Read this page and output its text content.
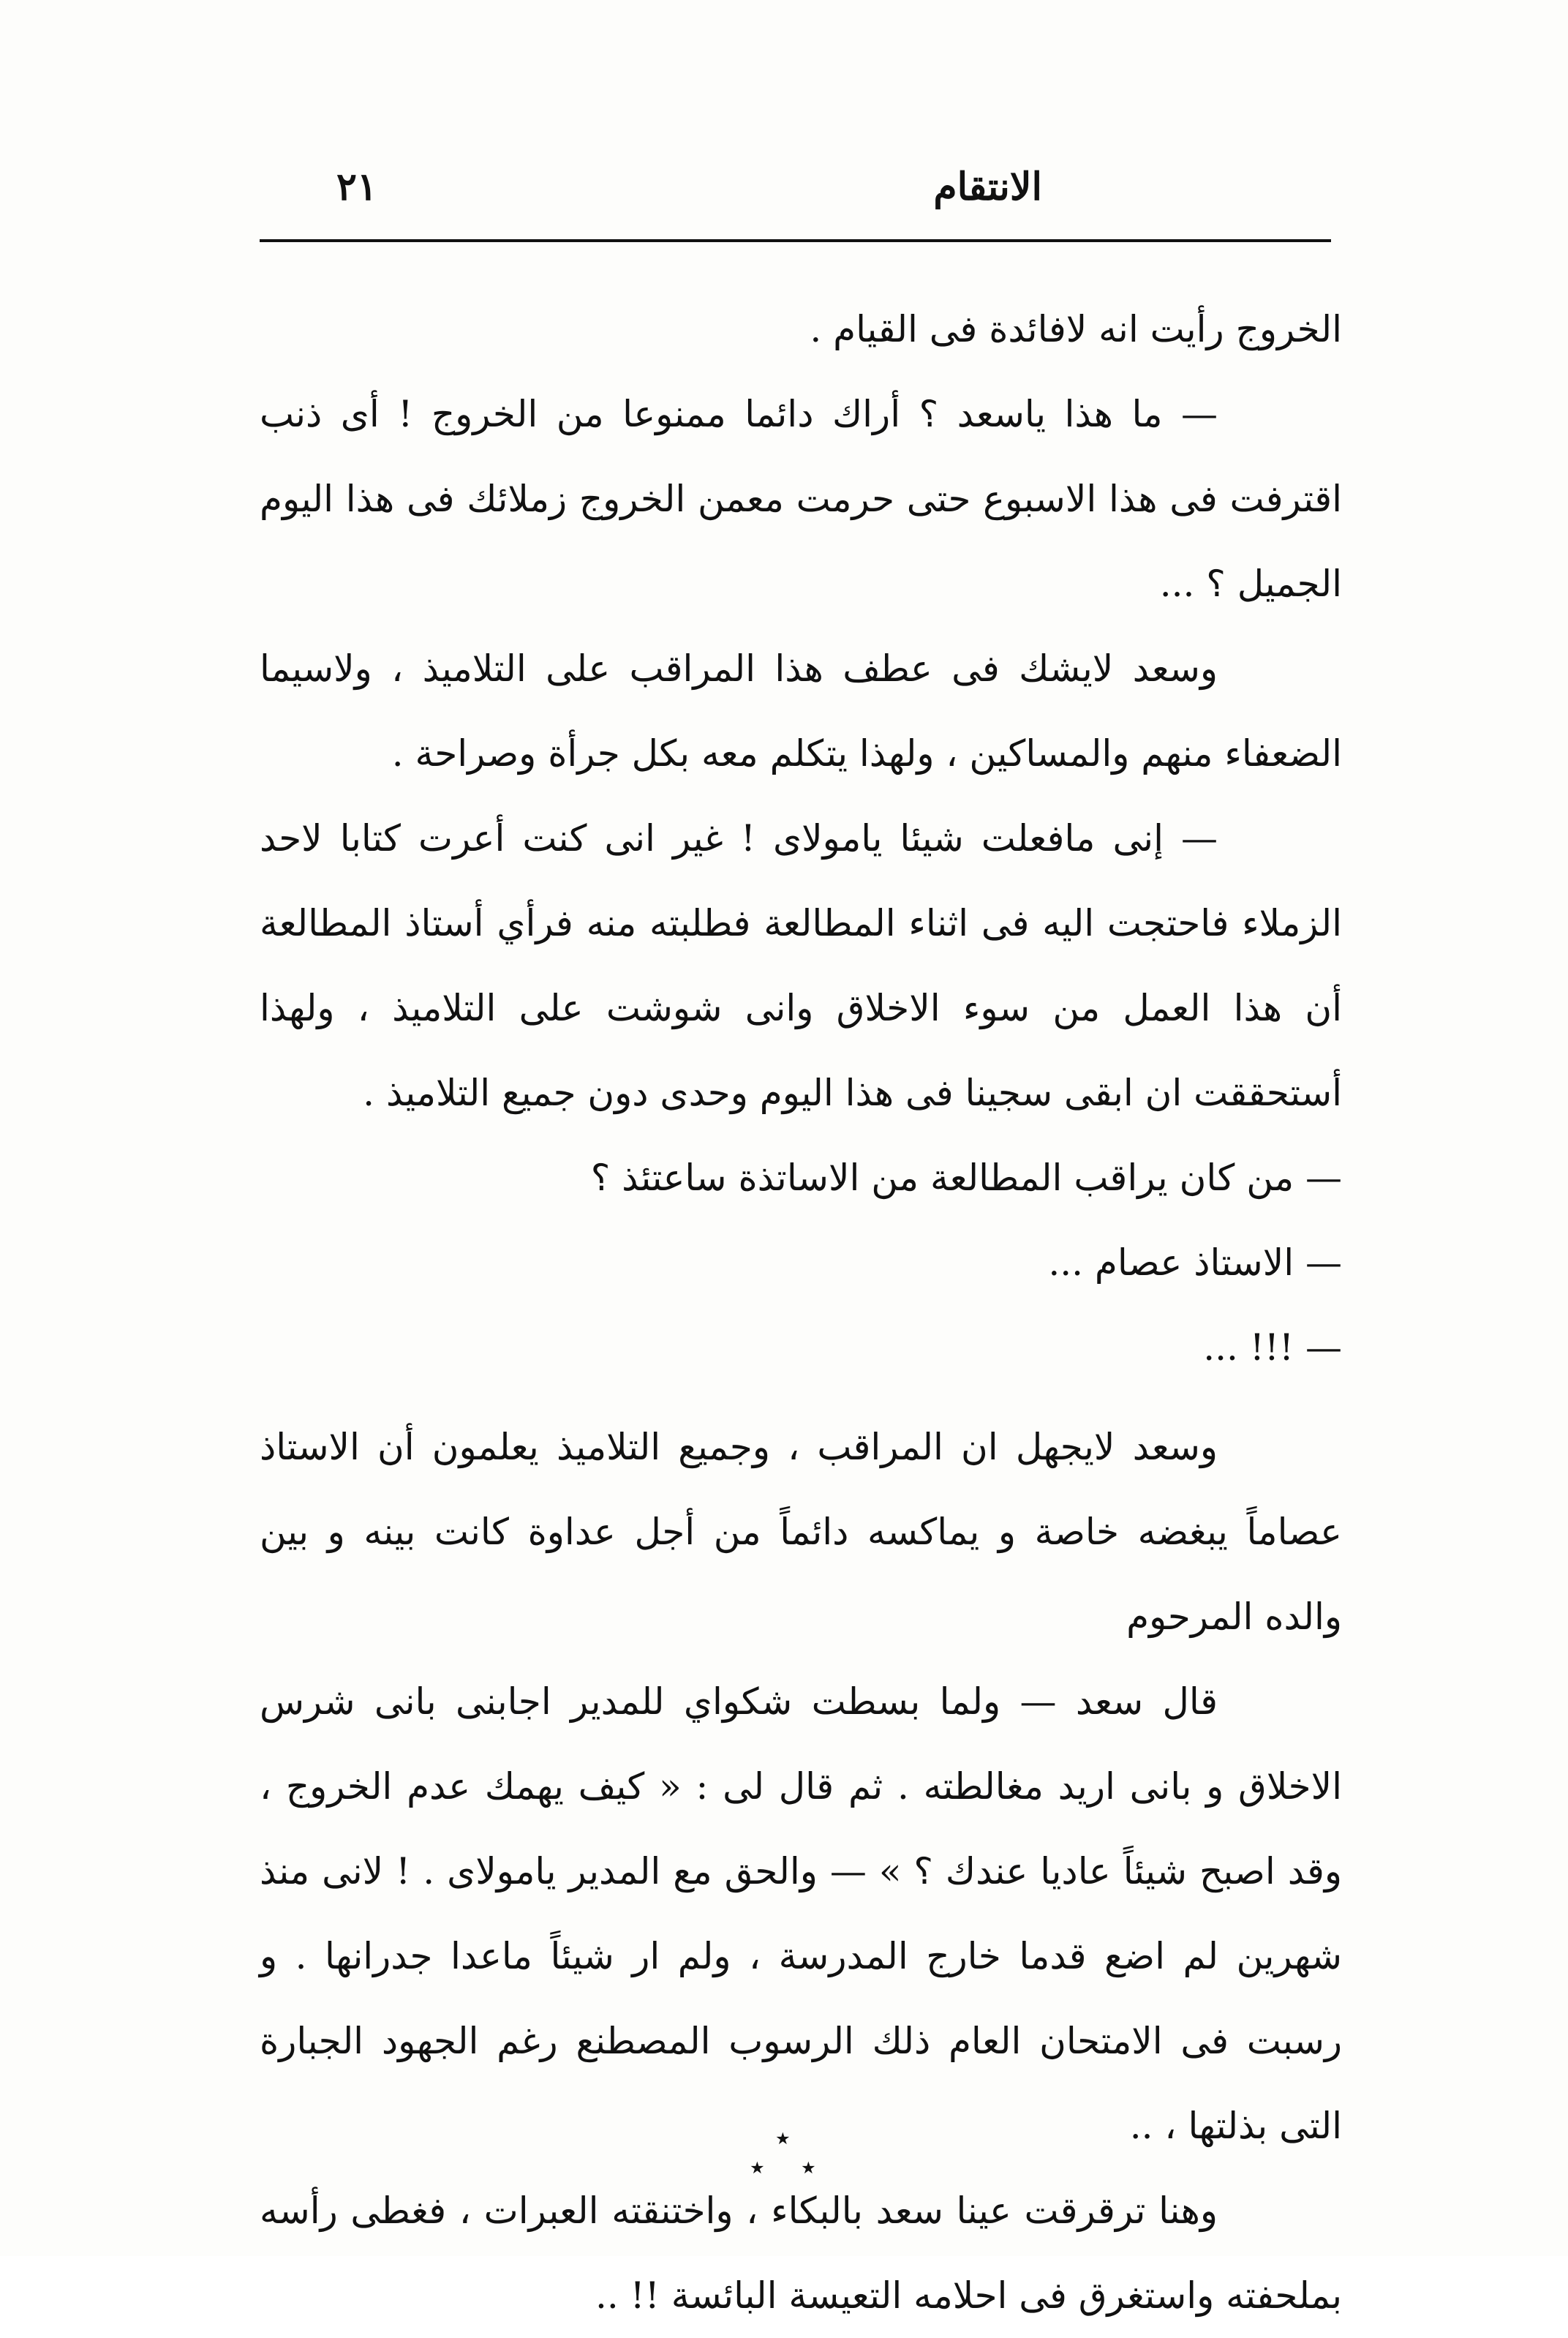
الانتقام
٢١

الخروج رأيت انه لافائدة فى القيام .

— ما هذا ياسعد ؟ أراك دائما ممنوعا من الخروج ! أى ذنب اقترفت فى هذا الاسبوع حتى حرمت معمن الخروج زملائك فى هذا اليوم الجميل ؟ ...

وسعد لايشك فى عطف هذا المراقب على التلاميذ ، ولاسيما الضعفاء منهم والمساكين ، ولهذا يتكلم معه بكل جرأة وصراحة .

— إنى مافعلت شيئا يامولاى ! غير انى كنت أعرت كتابا لاحد الزملاء فاحتجت اليه فى اثناء المطالعة فطلبته منه فرأي أستاذ المطالعة أن هذا العمل من سوء الاخلاق وانى شوشت على التلاميذ ، ولهذا أستحققت ان ابقى سجينا فى هذا اليوم وحدى دون جميع التلاميذ .

— من كان يراقب المطالعة من الاساتذة ساعتئذ ؟

— الاستاذ عصام ...

— !!! ...

وسعد لايجهل ان المراقب ، وجميع التلاميذ يعلمون أن الاستاذ عصاماً يبغضه خاصة و يماكسه دائماً من أجل عداوة كانت بينه و بين والده المرحوم

قال سعد — ولما بسطت شكواي للمدير اجابنى بانى شرس الاخلاق و بانى اريد مغالطته . ثم قال لى : « كيف يهمك عدم الخروج ، وقد اصبح شيئاً عاديا عندك ؟ » — والحق مع المدير يامولاى . ! لانى منذ شهرين لم اضع قدما خارج المدرسة ، ولم ار شيئاً ماعدا جدرانها . و رسبت فى الامتحان العام ذلك الرسوب المصطنع رغم الجهود الجبارة التى بذلتها ، ..

وهنا ترقرقت عينا سعد بالبكاء ، واختنقته العبرات ، فغطى رأسه بملحفته واستغرق فى احلامه التعيسة البائسة !! ..

٭
٭ ٭
